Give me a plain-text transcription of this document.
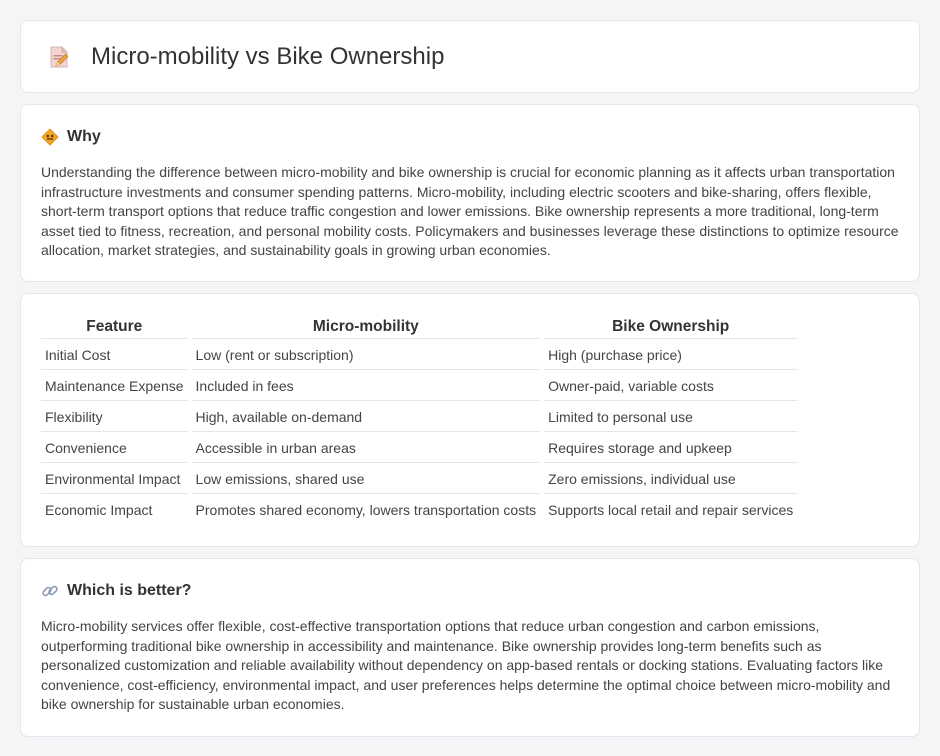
Micro-mobility vs Bike Ownership
Why

Understanding the difference between micro-mobility and bike ownership is crucial for economic planning as it affects urban transportation infrastructure investments and consumer spending patterns. Micro-mobility, including electric scooters and bike-sharing, offers flexible, short-term transport options that reduce traffic congestion and lower emissions. Bike ownership represents a more traditional, long-term asset tied to fitness, recreation, and personal mobility costs. Policymakers and businesses leverage these distinctions to optimize resource allocation, market strategies, and sustainability goals in growing urban economies.

Feature	Micro-mobility	Bike Ownership
Initial Cost	Low (rent or subscription)	High (purchase price)
Maintenance Expense	Included in fees	Owner-paid, variable costs
Flexibility	High, available on-demand	Limited to personal use
Convenience	Accessible in urban areas	Requires storage and upkeep
Environmental Impact	Low emissions, shared use	Zero emissions, individual use
Economic Impact	Promotes shared economy, lowers transportation costs	Supports local retail and repair services
Which is better?

Micro-mobility services offer flexible, cost-effective transportation options that reduce urban congestion and carbon emissions, outperforming traditional bike ownership in accessibility and maintenance. Bike ownership provides long-term benefits such as personalized customization and reliable availability without dependency on app-based rentals or docking stations. Evaluating factors like convenience, cost-efficiency, environmental impact, and user preferences helps determine the optimal choice between micro-mobility and bike ownership for sustainable urban economies.
